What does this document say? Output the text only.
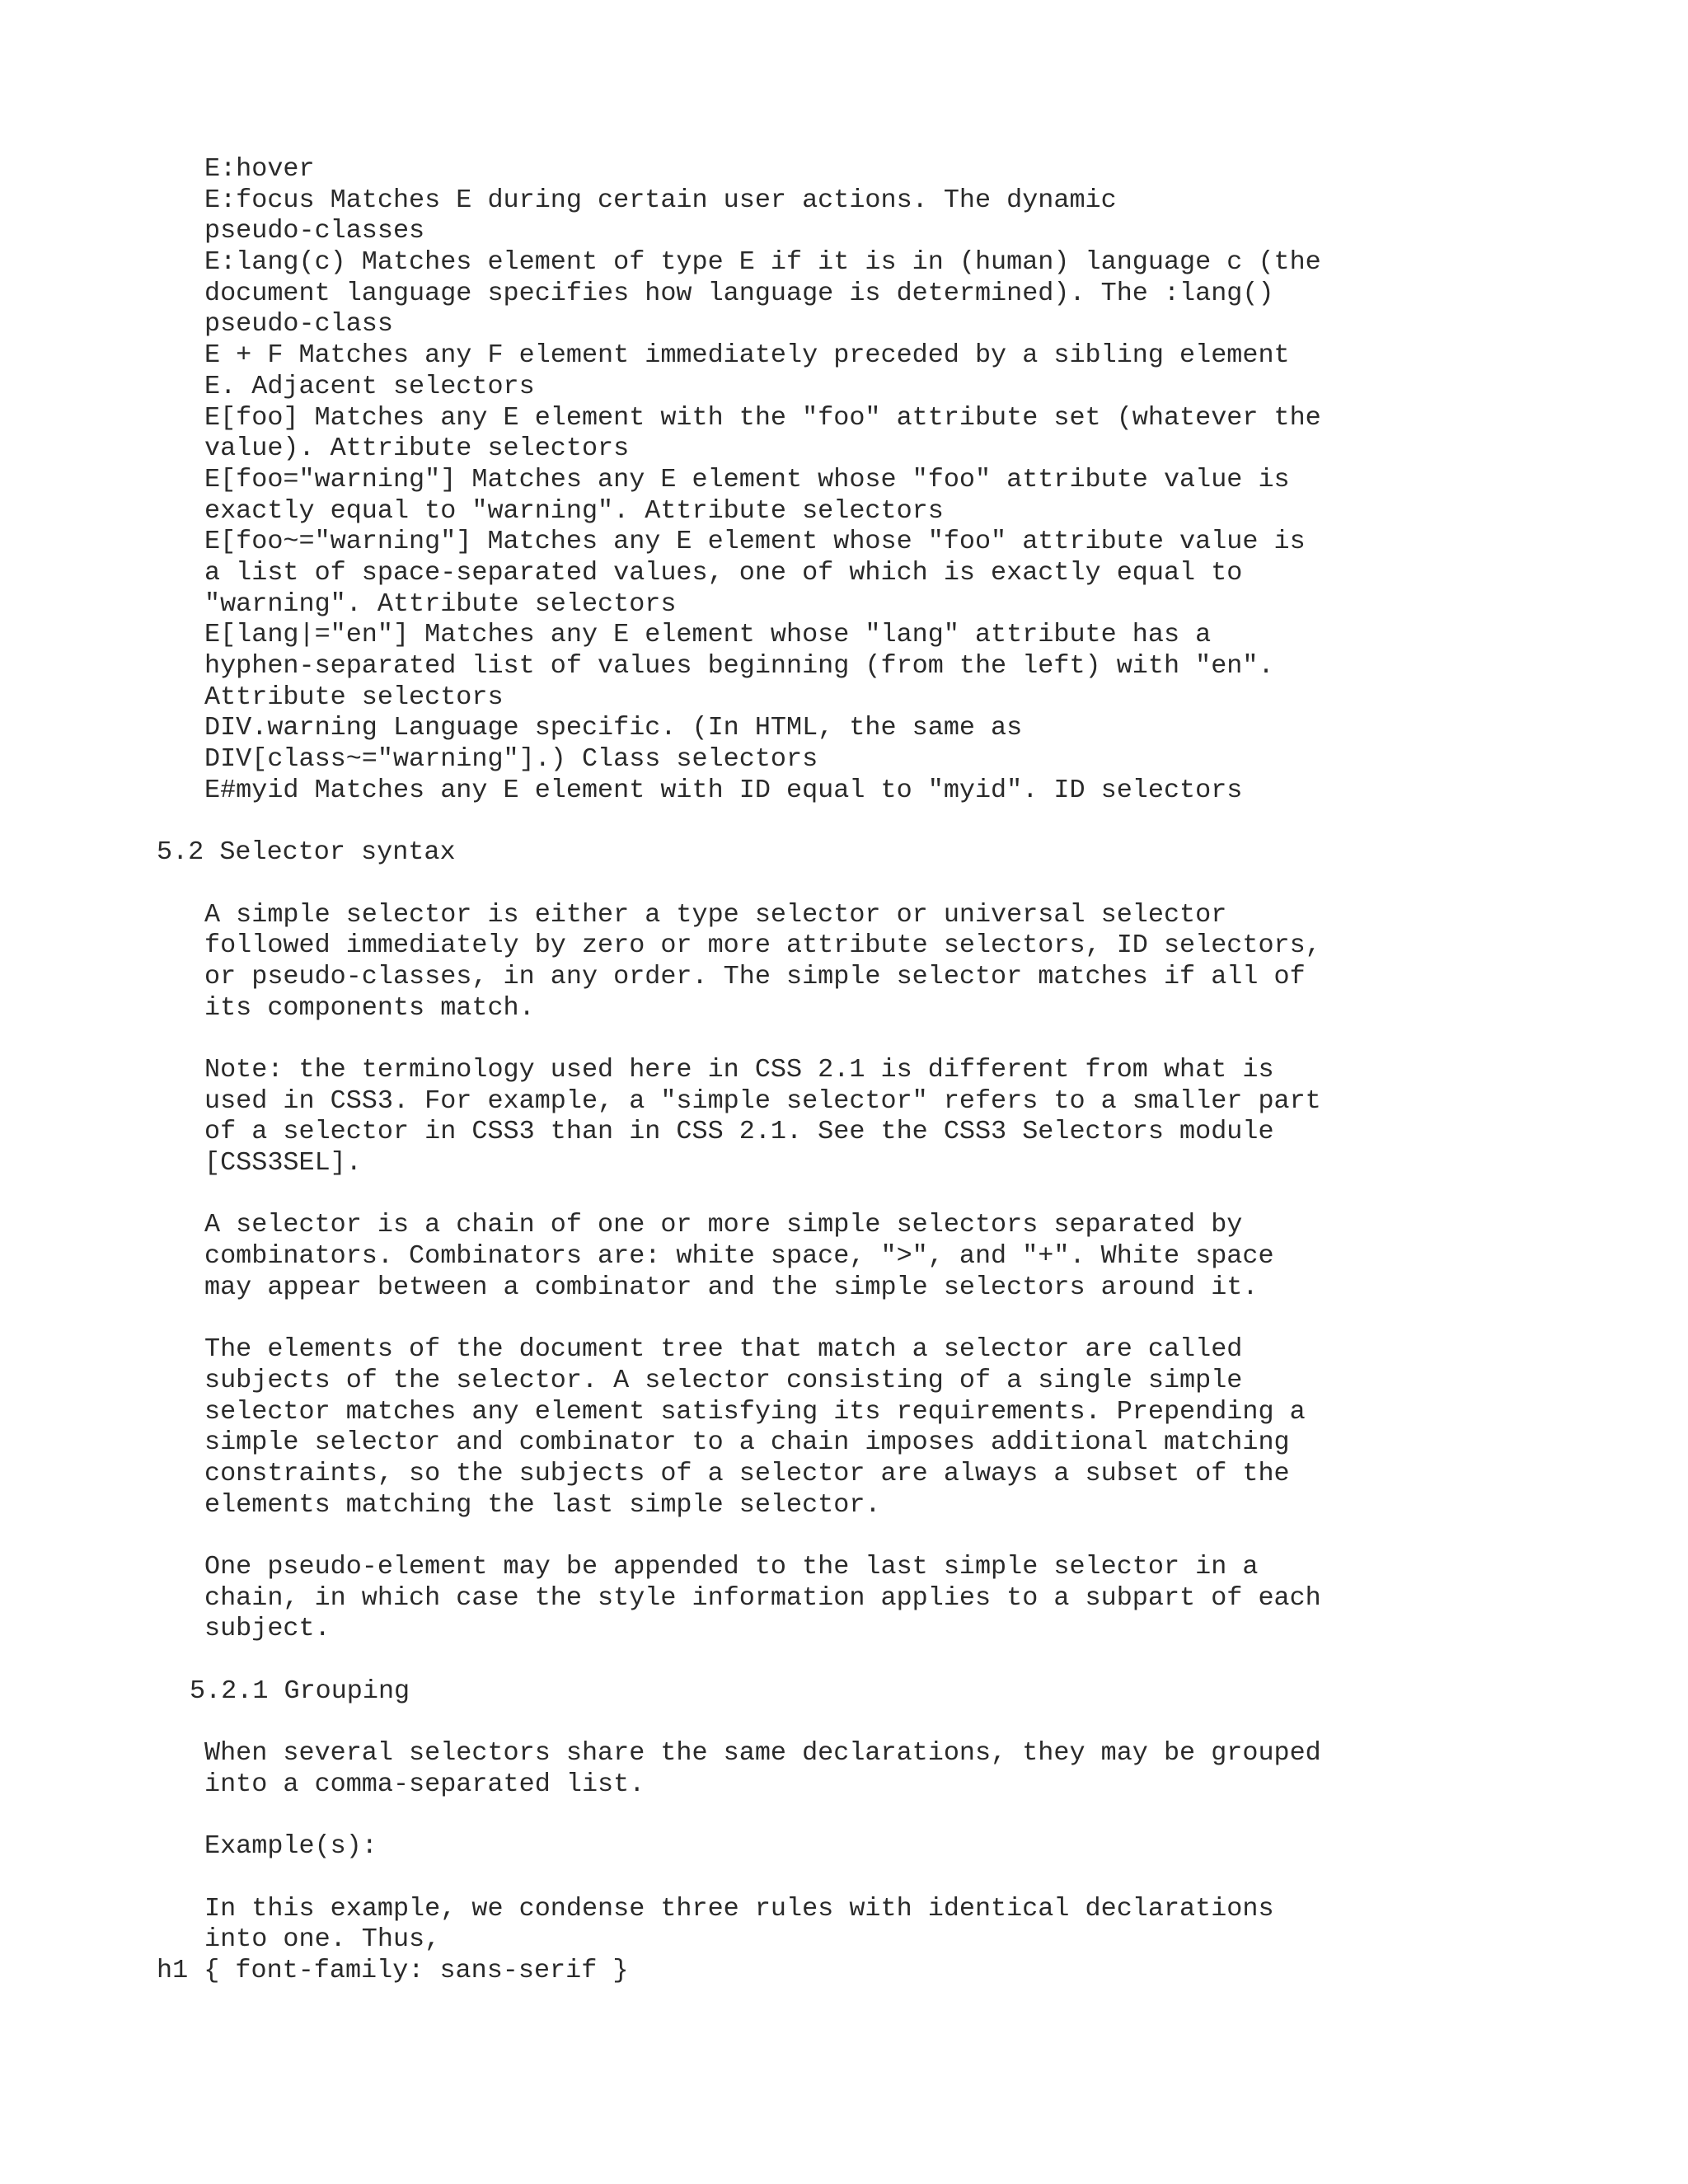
E:hover
E:focus Matches E during certain user actions. The dynamic
pseudo-classes
E:lang(c) Matches element of type E if it is in (human) language c (the
document language specifies how language is determined). The :lang()
pseudo-class
E + F Matches any F element immediately preceded by a sibling element
E. Adjacent selectors
E[foo] Matches any E element with the "foo" attribute set (whatever the
value). Attribute selectors
E[foo="warning"] Matches any E element whose "foo" attribute value is
exactly equal to "warning". Attribute selectors
E[foo~="warning"] Matches any E element whose "foo" attribute value is
a list of space-separated values, one of which is exactly equal to
"warning". Attribute selectors
E[lang|="en"] Matches any E element whose "lang" attribute has a
hyphen-separated list of values beginning (from the left) with "en".
Attribute selectors
DIV.warning Language specific. (In HTML, the same as
DIV[class~="warning"].) Class selectors
E#myid Matches any E element with ID equal to "myid". ID selectors
5.2 Selector syntax
A simple selector is either a type selector or universal selector
followed immediately by zero or more attribute selectors, ID selectors,
or pseudo-classes, in any order. The simple selector matches if all of
its components match.
Note: the terminology used here in CSS 2.1 is different from what is
used in CSS3. For example, a "simple selector" refers to a smaller part
of a selector in CSS3 than in CSS 2.1. See the CSS3 Selectors module
[CSS3SEL].
A selector is a chain of one or more simple selectors separated by
combinators. Combinators are: white space, ">", and "+". White space
may appear between a combinator and the simple selectors around it.
The elements of the document tree that match a selector are called
subjects of the selector. A selector consisting of a single simple
selector matches any element satisfying its requirements. Prepending a
simple selector and combinator to a chain imposes additional matching
constraints, so the subjects of a selector are always a subset of the
elements matching the last simple selector.
One pseudo-element may be appended to the last simple selector in a
chain, in which case the style information applies to a subpart of each
subject.
5.2.1 Grouping
When several selectors share the same declarations, they may be grouped
into a comma-separated list.
Example(s):
In this example, we condense three rules with identical declarations
into one. Thus,
h1 { font-family: sans-serif }
